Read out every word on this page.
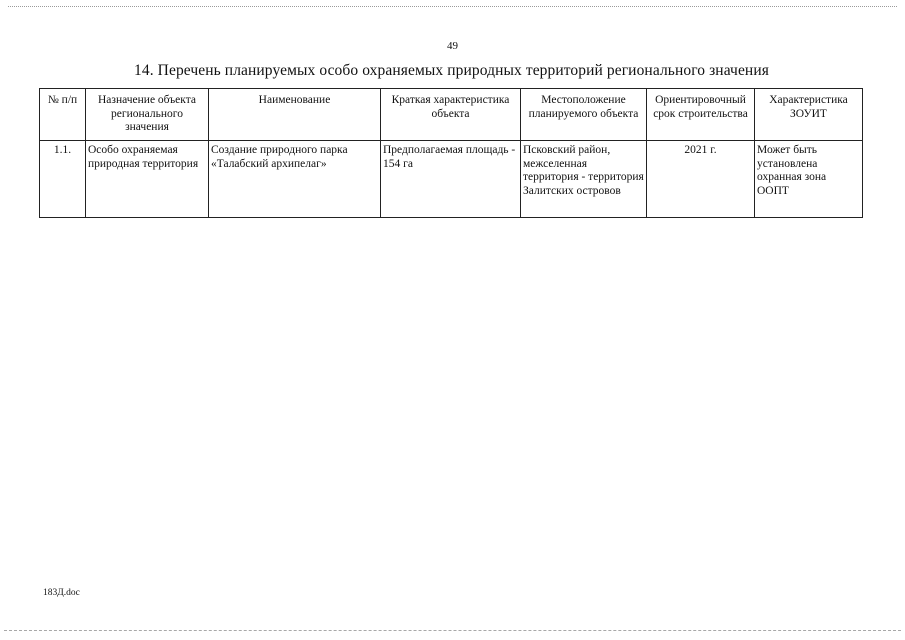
49
14. Перечень планируемых особо охраняемых природных территорий регионального значения
№ п/п	Назначение объекта регионального значения	Наименование	Краткая характеристика объекта	Местоположение планируемого объекта	Ориентировочный срок строительства	Характеристика ЗОУИТ
1.1.	Особо охраняемая природная территория	Создание природного парка «Талабский архипелаг»	Предполагаемая площадь - 154 га	Псковский район, межселенная территория - территория Залитских островов	2021 г.	Может быть установлена охранная зона ООПТ
183Д.doc
